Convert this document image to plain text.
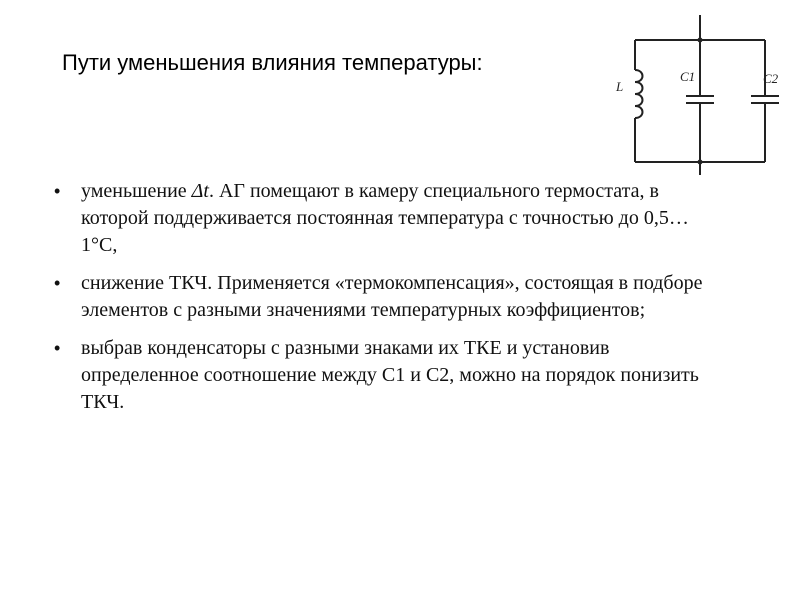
Пути уменьшения влияния температуры:
L
C1	C2
• уменьшение Δt. АГ помещают в камеру специального термостата, в которой поддерживается постоянная температура с точностью до 0,5…1°С,
• снижение ТКЧ. Применяется «термокомпенсация», состоящая в подборе элементов с разными значениями температурных коэффициентов;
• выбрав конденсаторы с разными знаками их ТКЕ и установив определенное соотношение между С1 и С2, можно на порядок понизить ТКЧ.
